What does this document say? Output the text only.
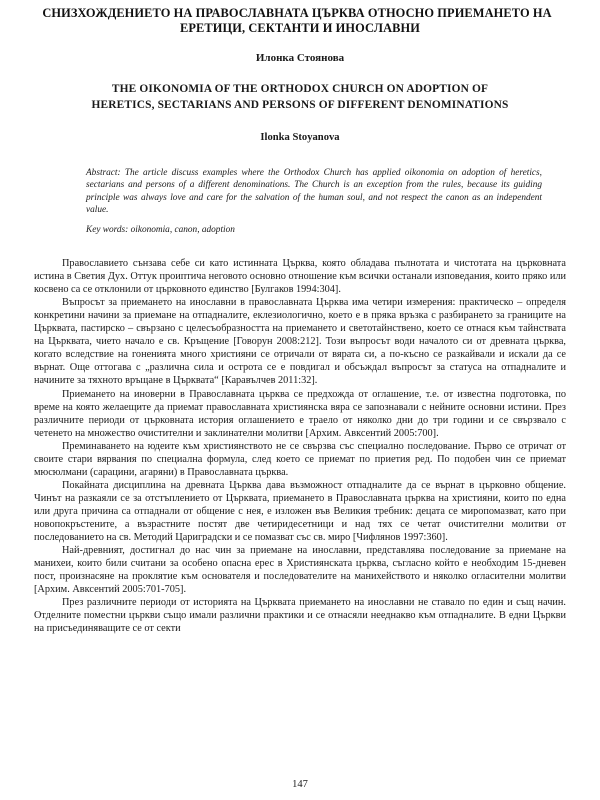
СНИЗХОЖДЕНИЕТО НА ПРАВОСЛАВНАТА ЦЪРКВА ОТНОСНО ПРИЕМАНЕТО НА
ЕРЕТИЦИ, СЕКТАНТИ И ИНОСЛАВНИ
Илонка Стоянова
THE OIKONOMIA OF THE ORTHODOX CHURCH ON ADOPTION OF
HERETICS, SECTARIANS AND PERSONS OF DIFFERENT DENOMINATIONS
Ilonka Stoyanova

Abstract: The article discuss examples where the Orthodox Church has applied oikonomia on adoption of heretics, sectarians and persons of a different denominations. The Church is an exception from the rules, because its guiding principle was always love and care for the salvation of the human soul, and not respect the canon as an independent value.

Key words: oikonomia, canon, adoption

Православието сънзава себе си като истинната Църква, която обладава пълнотата и чистотата на църковната истина в Светия Дух. Оттук проиптича неговото основно отношение към всички останали изповедания, които пряко или косвено са се отклонили от църковното единство [Булгаков 1994:304].

Въпросът за приемането на инославни в православната Църква има четири измерения: практическо – определя конкретини начини за приемане на отпадналите, еклезиологично, което е в пряка връзка с разбирането за границите на Църквата, пастирско – свързано с целесъобразността на приемането и светотайнствено, което се отнася към тайнствата на Църквата, чието начало е св. Кръщение [Говорун 2008:212]. Този въпросът води началото си от древната църква, когато вследствие на гоненията много християни се отричали от вярата си, а по-късно се разкайвали и искали да се върнат. Още оттогава с „различна сила и острота се е повдигал и обсъждал въпросът за статуса на отпадналите и начините за тяхното връщане в Църквата“ [Каравълчев 2011:32].

Приемането на иноверни в Православната църква се предхожда от оглашение, т.е. от известна подготовка, по време на която желаещите да приемат православната християнска вяра се запознавали с нейните основни истини. През различните периоди от църковната история оглашението е траело от няколко дни до три години и се свързвало с четенето на множество очистителни и заклинателни молитви [Архим. Авксентий 2005:700].

Преминаването на юдеите към християнството не се свързва със специално последование. Първо се отричат от своите стари вярвания по специална формула, след което се приемат по приетия ред. По подобен чин се приемат мюсюлмани (сарацини, агаряни) в Православната църква.

Покайната дисциплина на древната Църква дава възможност отпадналите да се върнат в църковно общение. Чинът на разкаяли се за отстъплението от Църквата, приемането в Православната църква на християни, които по една или друга причина са отпаднали от общение с нея, е изложен във Великия требник: децата се миропомазват, като при новопокръстените, а възрастните постят две четиридесетници и над тях се четат очистителни молитви от последованието на св. Методий Цариградски и се помазват със св. миро [Чифлянов 1997:360].

Най-древният, достигнал до нас чин за приемане на инославни, представлява последование за приемане на манихеи, които били считани за особено опасна ерес в Християнската църква, съгласно който е необходим 15-дневен пост, произнасяне на проклятие към основателя и последователите на манихейството и няколко огласителни молитви [Архим. Авксентий 2005:701-705].

През различните периоди от историята на Църквата приемането на инославни не ставало по един и същ начин. Отделните поместни църкви също имали различни практики и се отнасяли нееднакво към отпадналите. В едни Църкви на присъединяващите се от секти

147
